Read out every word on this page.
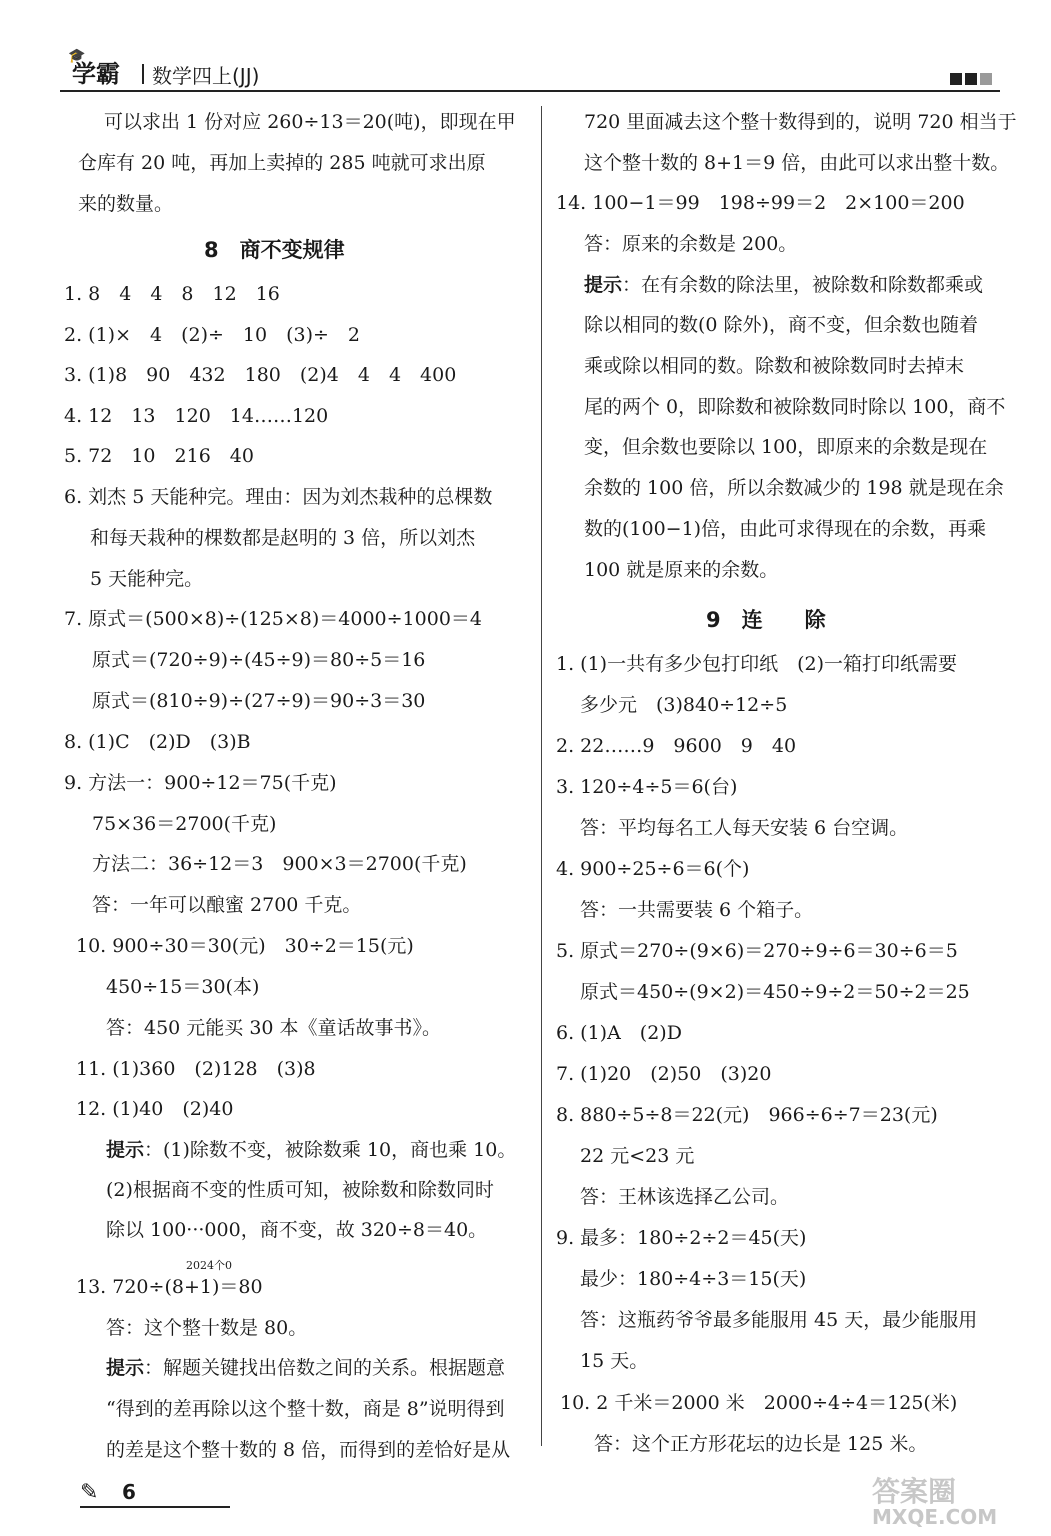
🎓
学霸 数学四上(JJ)
可以求出 1 份对应 260÷13＝20(吨)，即现在甲
仓库有 20 吨，再加上卖掉的 285 吨就可求出原
来的数量。
8　商不变规律
1. 8　4　4　8　12　16
2. (1)×　4　(2)÷　10　(3)÷　2
3. (1)8　90　432　180　(2)4　4　4　400
4. 12　13　120　14……120
5. 72　10　216　40
6. 刘杰 5 天能种完。理由：因为刘杰栽种的总棵数
和每天栽种的棵数都是赵明的 3 倍，所以刘杰
5 天能种完。
7. 原式＝(500×8)÷(125×8)＝4000÷1000＝4
原式＝(720÷9)÷(45÷9)＝80÷5＝16
原式＝(810÷9)÷(27÷9)＝90÷3＝30
8. (1)C　(2)D　(3)B
9. 方法一：900÷12＝75(千克)
75×36＝2700(千克)
方法二：36÷12＝3　900×3＝2700(千克)
答：一年可以酿蜜 2700 千克。
10. 900÷30＝30(元)　30÷2＝15(元)
450÷15＝30(本)
答：450 元能买 30 本《童话故事书》。
11. (1)360　(2)128　(3)8
12. (1)40　(2)40
提示：(1)除数不变，被除数乘 10，商也乘 10。
(2)根据商不变的性质可知，被除数和除数同时
除以 100···000，商不变，故 320÷8＝40。
2024个0
13. 720÷(8+1)＝80
答：这个整十数是 80。
提示：解题关键找出倍数之间的关系。根据题意
“得到的差再除以这个整十数，商是 8”说明得到
的差是这个整十数的 8 倍，而得到的差恰好是从
720 里面减去这个整十数得到的，说明 720 相当于
这个整十数的 8+1＝9 倍，由此可以求出整十数。
14. 100−1＝99　198÷99＝2　2×100＝200
答：原来的余数是 200。
提示：在有余数的除法里，被除数和除数都乘或
除以相同的数(0 除外)，商不变，但余数也随着
乘或除以相同的数。除数和被除数同时去掉末
尾的两个 0，即除数和被除数同时除以 100，商不
变，但余数也要除以 100，即原来的余数是现在
余数的 100 倍，所以余数减少的 198 就是现在余
数的(100−1)倍，由此可求得现在的余数，再乘
100 就是原来的余数。
9　连　　除
1. (1)一共有多少包打印纸　(2)一箱打印纸需要
多少元　(3)840÷12÷5
2. 22……9　9600　9　40
3. 120÷4÷5＝6(台)
答：平均每名工人每天安装 6 台空调。
4. 900÷25÷6＝6(个)
答：一共需要装 6 个箱子。
5. 原式＝270÷(9×6)＝270÷9÷6＝30÷6＝5
原式＝450÷(9×2)＝450÷9÷2＝50÷2＝25
6. (1)A　(2)D
7. (1)20　(2)50　(3)20
8. 880÷5÷8＝22(元)　966÷6÷7＝23(元)
22 元<23 元
答：王林该选择乙公司。
9. 最多：180÷2÷2＝45(天)
最少：180÷4÷3＝15(天)
答：这瓶药爷爷最多能服用 45 天，最少能服用
15 天。
10. 2 千米＝2000 米　2000÷4÷4＝125(米)
答：这个正方形花坛的边长是 125 米。
✎ 6	答案圈
MXQE.COM
